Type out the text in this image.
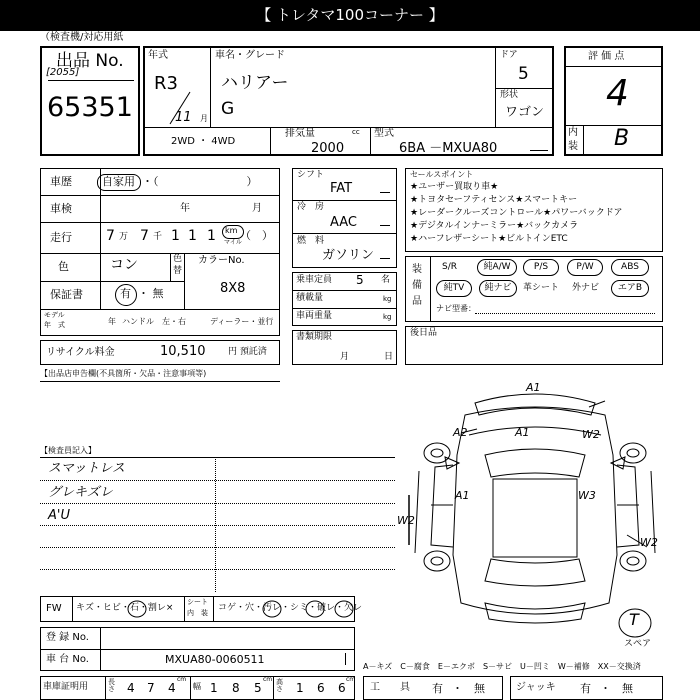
【 トレタマ100コーナー 】
（検査機/対応用紙
出品 No.
[2055]
65351
年式
R3
11 月
車名・グレード
ハリアー
G
ドア
5
形状
ワゴン
2WD ・ 4WD
排気量	cc
2000
型式
6BA －MXUA80
評 価 点
4
内
装 B
車歴	自家用 ・（　　　　　　　　）
車検	年	月
走行 7 万 7 千 1 1 1 km
マイル
（　）
色	コン	色
替
カラーNo.
8X8
保証書	有 ・ 無
モデル
年　式	年 ハンドル　左・右	ディーラー・並行
リサイクル料金	10,510	円 預託済
シフト
FAT
冷　房
AAC
燃　料
ガソリン
乗車定員 5 名
積載量	kg
車両重量	kg
書類期限
月	日
セールスポイント
★ユーザー買取り車★
★トヨタセーフティセンス★スマートキー
★レーダークルーズコントロール★パワーバックドア
★デジタルインナーミラー★バックカメラ
★ハーフレザーシート★ビルトインETC
装
備
品
S/R	純A/W	P/S	P/W	ABS
純TV	純ナビ	革シート 外ナビ	エアB
ナビ型番：
後日品
【出品店申告欄(不具箇所・欠品・注意事項等)
【検査員記入】
スマットレス
グレキズレ
A'U
A1
A2	A1	W2
A1	W3
W2
W2
T
スペア
FW キズ・ヒビ・石・割レ×
シート
内　装 コゲ・穴・汚レ・シミ・破レ・欠レ
登 録 No.
車 台 No.	MXUA80-0060511
A－キズ　C－腐食　E－エクボ　S－サビ　U－凹ミ　W－補修　XX－交換済
車庫証明用	長さ 4 7 4
cm
幅 1 8 5
cm 高さ 1 6 6
cm
工　　具 有 ・　無	ジャッキ 有 ・　無
